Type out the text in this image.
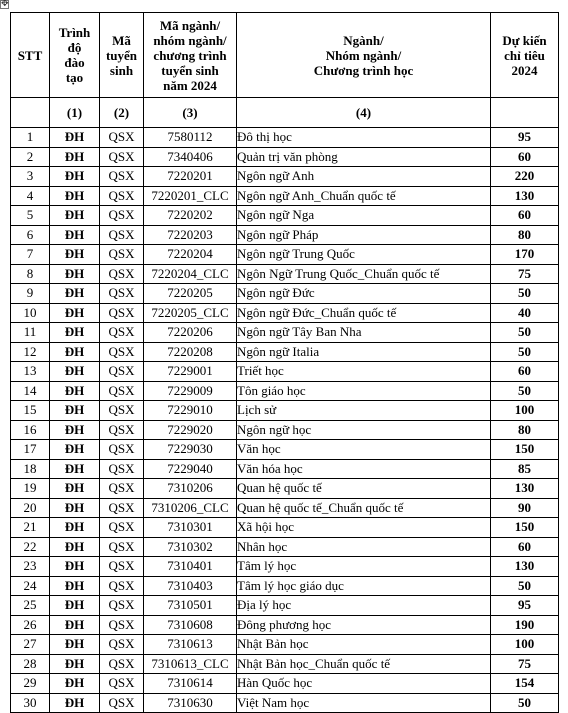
✥
STT	Trình
độ
đào
tạo	Mã
tuyển
sinh	Mã ngành/
nhóm ngành/
chương trình
tuyển sinh
năm 2024	Ngành/
Nhóm ngành/
Chương trình học	Dự kiến
chỉ tiêu
2024

	(1)	(2)	(3)	(4)	
1	ĐH	QSX	7580112	Đô thị học	95
2	ĐH	QSX	7340406	Quản trị văn phòng	60
3	ĐH	QSX	7220201	Ngôn ngữ Anh	220
4	ĐH	QSX	7220201_CLC	Ngôn ngữ Anh_Chuẩn quốc tế	130
5	ĐH	QSX	7220202	Ngôn ngữ Nga	60
6	ĐH	QSX	7220203	Ngôn ngữ Pháp	80
7	ĐH	QSX	7220204	Ngôn ngữ Trung Quốc	170
8	ĐH	QSX	7220204_CLC	Ngôn Ngữ Trung Quốc_Chuẩn quốc tế	75
9	ĐH	QSX	7220205	Ngôn ngữ Đức	50
10	ĐH	QSX	7220205_CLC	Ngôn ngữ Đức_Chuẩn quốc tế	40
11	ĐH	QSX	7220206	Ngôn ngữ Tây Ban Nha	50
12	ĐH	QSX	7220208	Ngôn ngữ Italia	50
13	ĐH	QSX	7229001	Triết học	60
14	ĐH	QSX	7229009	Tôn giáo học	50
15	ĐH	QSX	7229010	Lịch sử	100
16	ĐH	QSX	7229020	Ngôn ngữ học	80
17	ĐH	QSX	7229030	Văn học	150
18	ĐH	QSX	7229040	Văn hóa học	85
19	ĐH	QSX	7310206	Quan hệ quốc tế	130
20	ĐH	QSX	7310206_CLC	Quan hệ quốc tế_Chuẩn quốc tế	90
21	ĐH	QSX	7310301	Xã hội học	150
22	ĐH	QSX	7310302	Nhân học	60
23	ĐH	QSX	7310401	Tâm lý học	130
24	ĐH	QSX	7310403	Tâm lý học giáo dục	50
25	ĐH	QSX	7310501	Địa lý học	95
26	ĐH	QSX	7310608	Đông phương học	190
27	ĐH	QSX	7310613	Nhật Bản học	100
28	ĐH	QSX	7310613_CLC	Nhật Bản học_Chuẩn quốc tế	75
29	ĐH	QSX	7310614	Hàn Quốc học	154
30	ĐH	QSX	7310630	Việt Nam học	50
